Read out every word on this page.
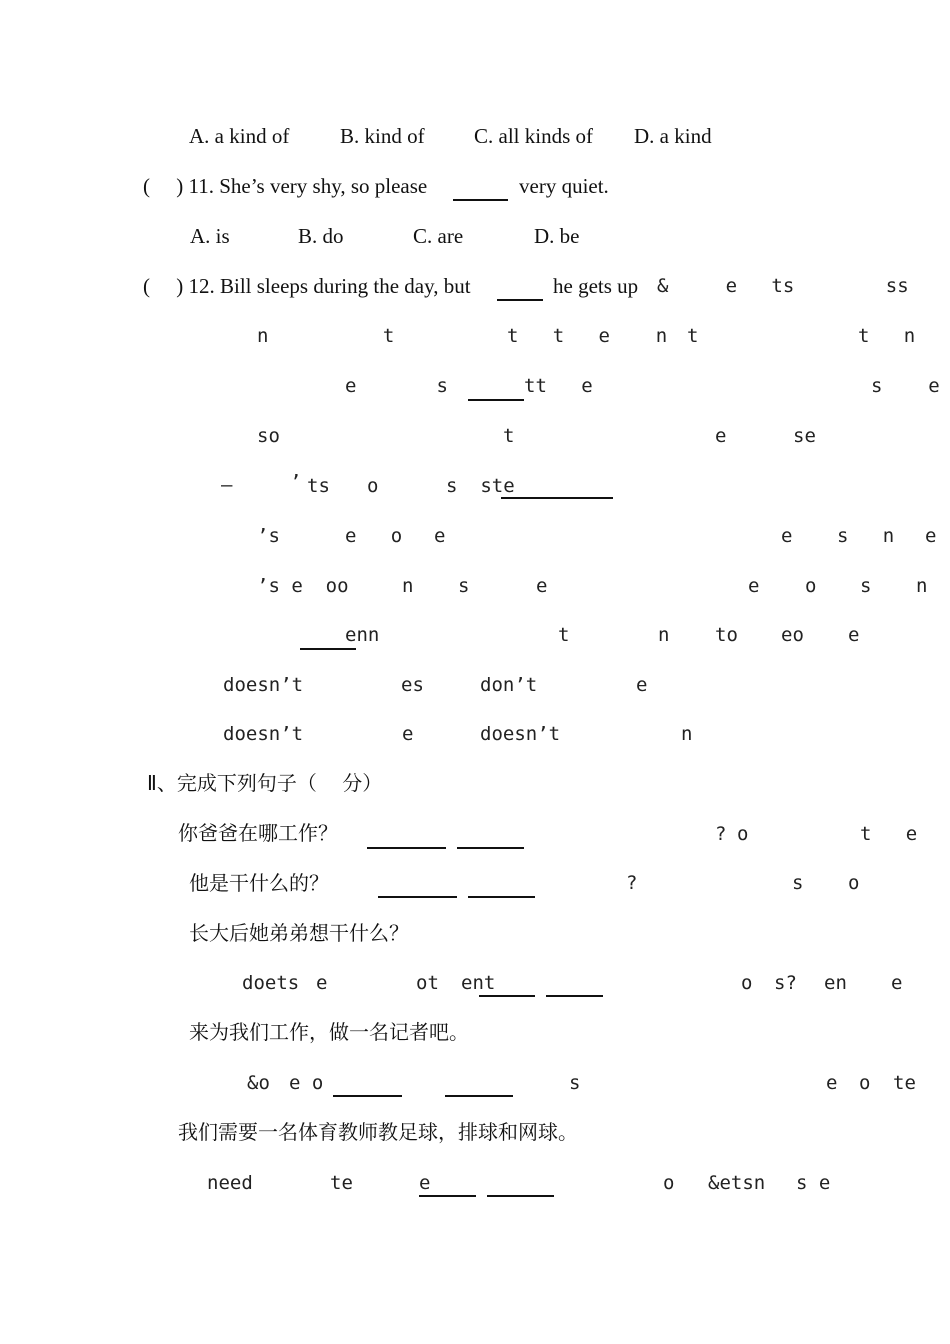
A. a kind of B. kind of C. all kinds of D. a kind
(     ) 11. She’s very shy, so please	very quiet.
A. is	B. do	C. are	D. be
(     ) 12. Bill sleeps during the day, but	he gets up &     e   ts        ss
n          t	t   t   e    n t	t   n
e       s	tt   e	s    e
so	t	e	se
—	’ ts o	s  ste
’s	e   o e	e s   n e
’s e  oo	n s	e	e o s n
enn	t	n to eo e
doesn’t	es	don’t	e
doesn’t	e	doesn’t	n
Ⅱ、完成下列句子（    分）
你爸爸在哪工作？	? o	t   e
他是干什么的？	?	s o
长大后她弟弟想干什么？
doets e	ot ent	o s? en e
来为我们工作，做一名记者吧。
&o e o	s	e o te
我们需要一名体育教师教足球，排球和网球。
need	te	e	o &etsn s e
